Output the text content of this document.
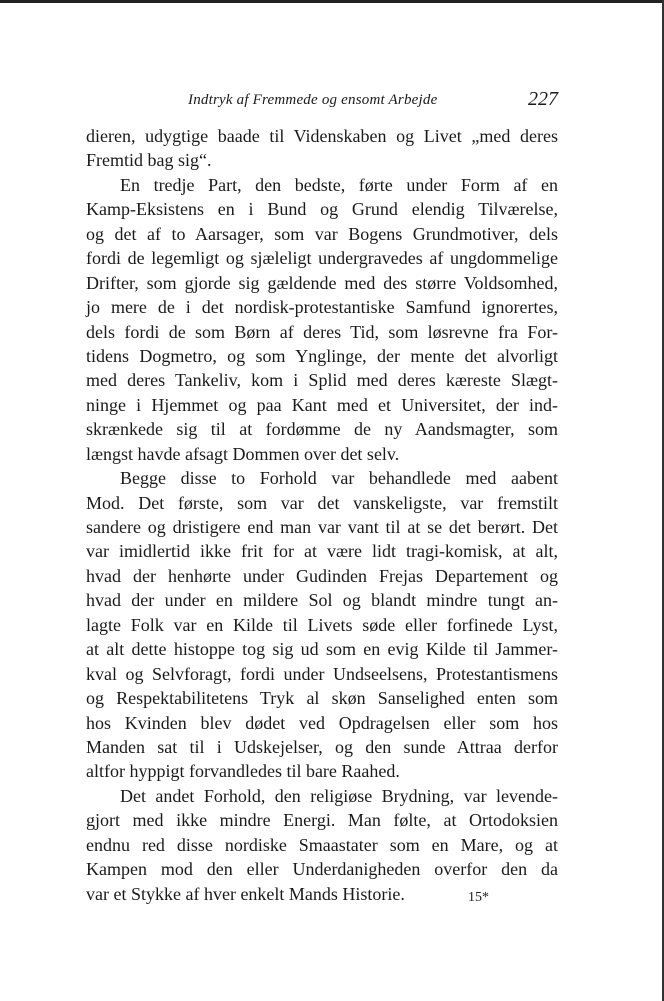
Indtryk af Fremmede og ensomt Arbejde	227
dieren, udygtige baade til Videnskaben og Livet „med deres
Fremtid bag sig“.
En tredje Part, den bedste, førte under Form af en
Kamp-Eksistens en i Bund og Grund elendig Tilværelse,
og det af to Aarsager, som var Bogens Grundmotiver, dels
fordi de legemligt og sjæleligt undergravedes af ungdommelige
Drifter, som gjorde sig gældende med des større Voldsomhed,
jo mere de i det nordisk-protestantiske Samfund ignorertes,
dels fordi de som Børn af deres Tid, som løsrevne fra For-
tidens Dogmetro, og som Ynglinge, der mente det alvorligt
med deres Tankeliv, kom i Splid med deres kæreste Slægt-
ninge i Hjemmet og paa Kant med et Universitet, der ind-
skrænkede sig til at fordømme de ny Aandsmagter, som
længst havde afsagt Dommen over det selv.
Begge disse to Forhold var behandlede med aabent
Mod. Det første, som var det vanskeligste, var fremstilt
sandere og dristigere end man var vant til at se det berørt. Det
var imidlertid ikke frit for at være lidt tragi-komisk, at alt,
hvad der henhørte under Gudinden Frejas Departement og
hvad der under en mildere Sol og blandt mindre tungt an-
lagte Folk var en Kilde til Livets søde eller forfinede Lyst,
at alt dette histoppe tog sig ud som en evig Kilde til Jammer-
kval og Selvforagt, fordi under Undseelsens, Protestantismens
og Respektabilitetens Tryk al skøn Sanselighed enten som
hos Kvinden blev dødet ved Opdragelsen eller som hos
Manden sat til i Udskejelser, og den sunde Attraa derfor
altfor hyppigt forvandledes til bare Raahed.
Det andet Forhold, den religiøse Brydning, var levende-
gjort med ikke mindre Energi. Man følte, at Ortodoksien
endnu red disse nordiske Smaastater som en Mare, og at
Kampen mod den eller Underdanigheden overfor den da
var et Stykke af hver enkelt Mands Historie.	15*
